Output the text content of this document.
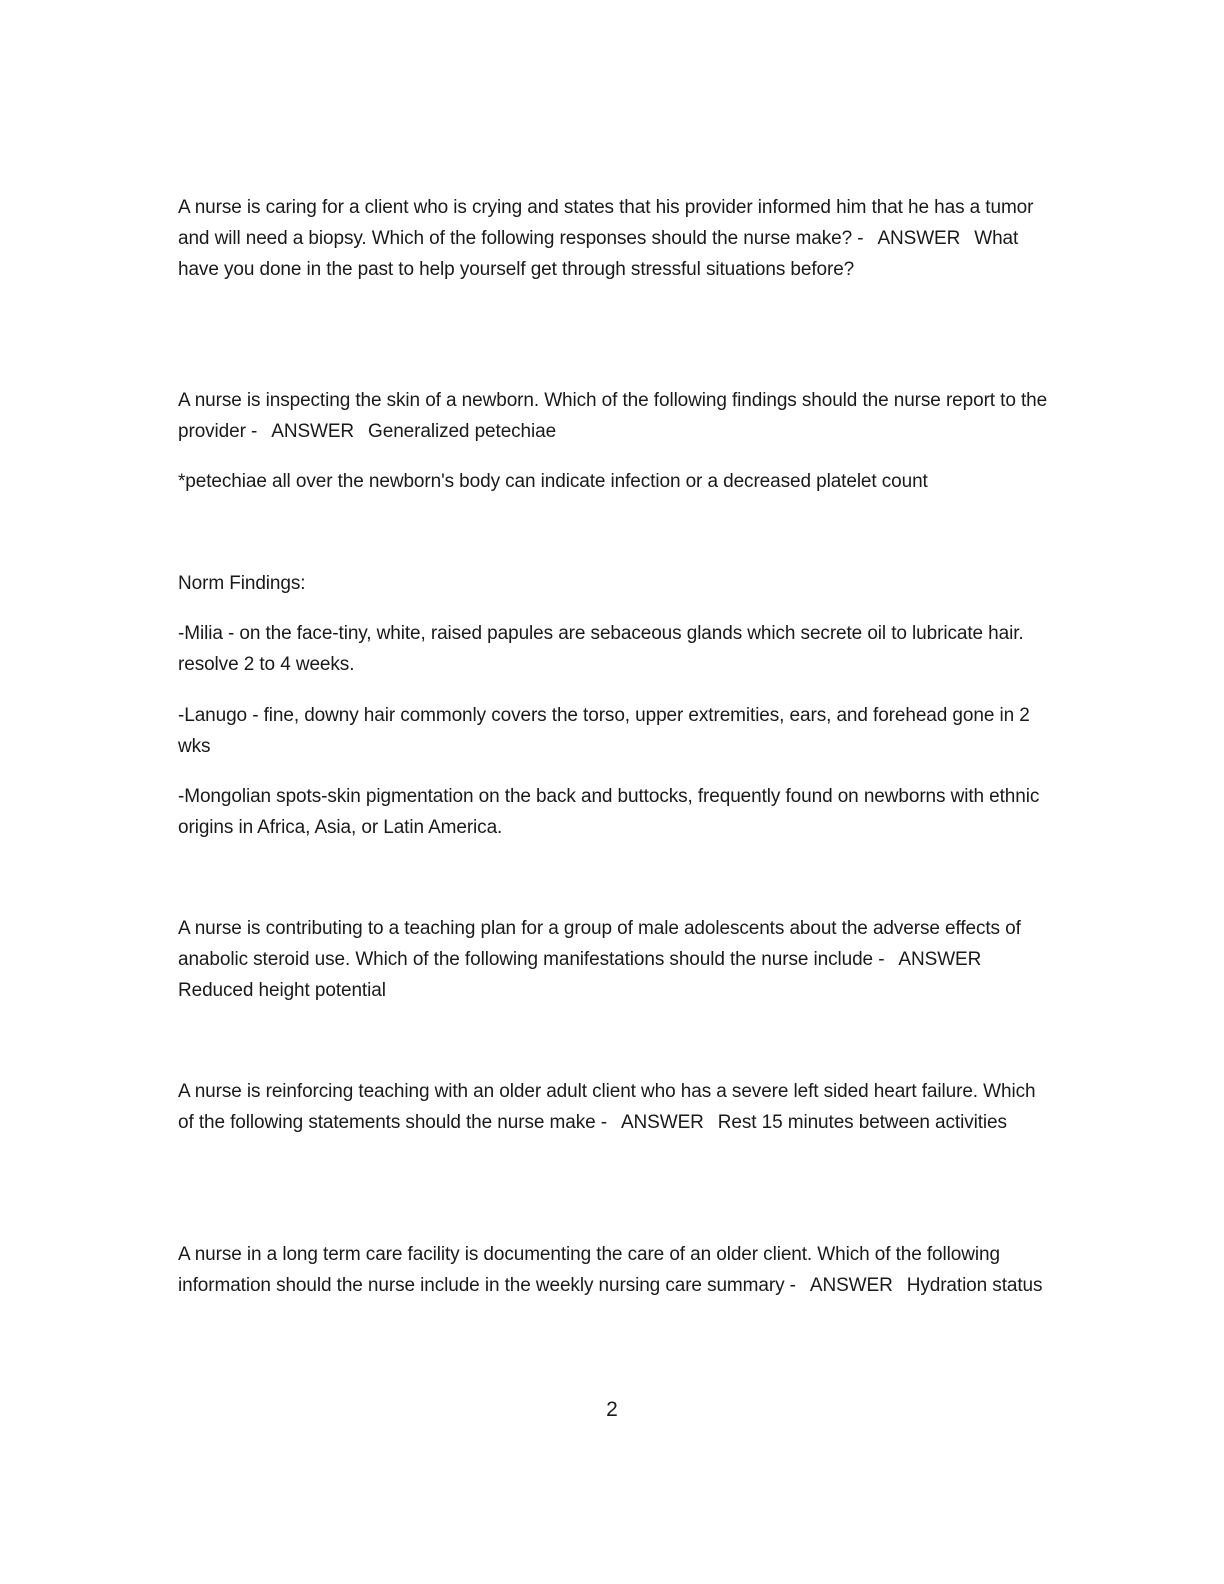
A nurse is caring for a client who is crying and states that his provider informed him that he has a tumor and will need a biopsy. Which of the following responses should the nurse make? - ANSWER What have you done in the past to help yourself get through stressful situations before?

A nurse is inspecting the skin of a newborn. Which of the following findings should the nurse report to the provider - ANSWER Generalized petechiae

*petechiae all over the newborn's body can indicate infection or a decreased platelet count

Norm Findings:

-Milia - on the face-tiny, white, raised papules are sebaceous glands which secrete oil to lubricate hair. resolve 2 to 4 weeks.

-Lanugo - fine, downy hair commonly covers the torso, upper extremities, ears, and forehead gone in 2 wks

-Mongolian spots-skin pigmentation on the back and buttocks, frequently found on newborns with ethnic origins in Africa, Asia, or Latin America.

A nurse is contributing to a teaching plan for a group of male adolescents about the adverse effects of anabolic steroid use. Which of the following manifestations should the nurse include - ANSWERReduced height potential

A nurse is reinforcing teaching with an older adult client who has a severe left sided heart failure. Which of the following statements should the nurse make - ANSWER Rest 15 minutes between activities

A nurse in a long term care facility is documenting the care of an older client. Which of the following information should the nurse include in the weekly nursing care summary - ANSWER Hydration status

2
